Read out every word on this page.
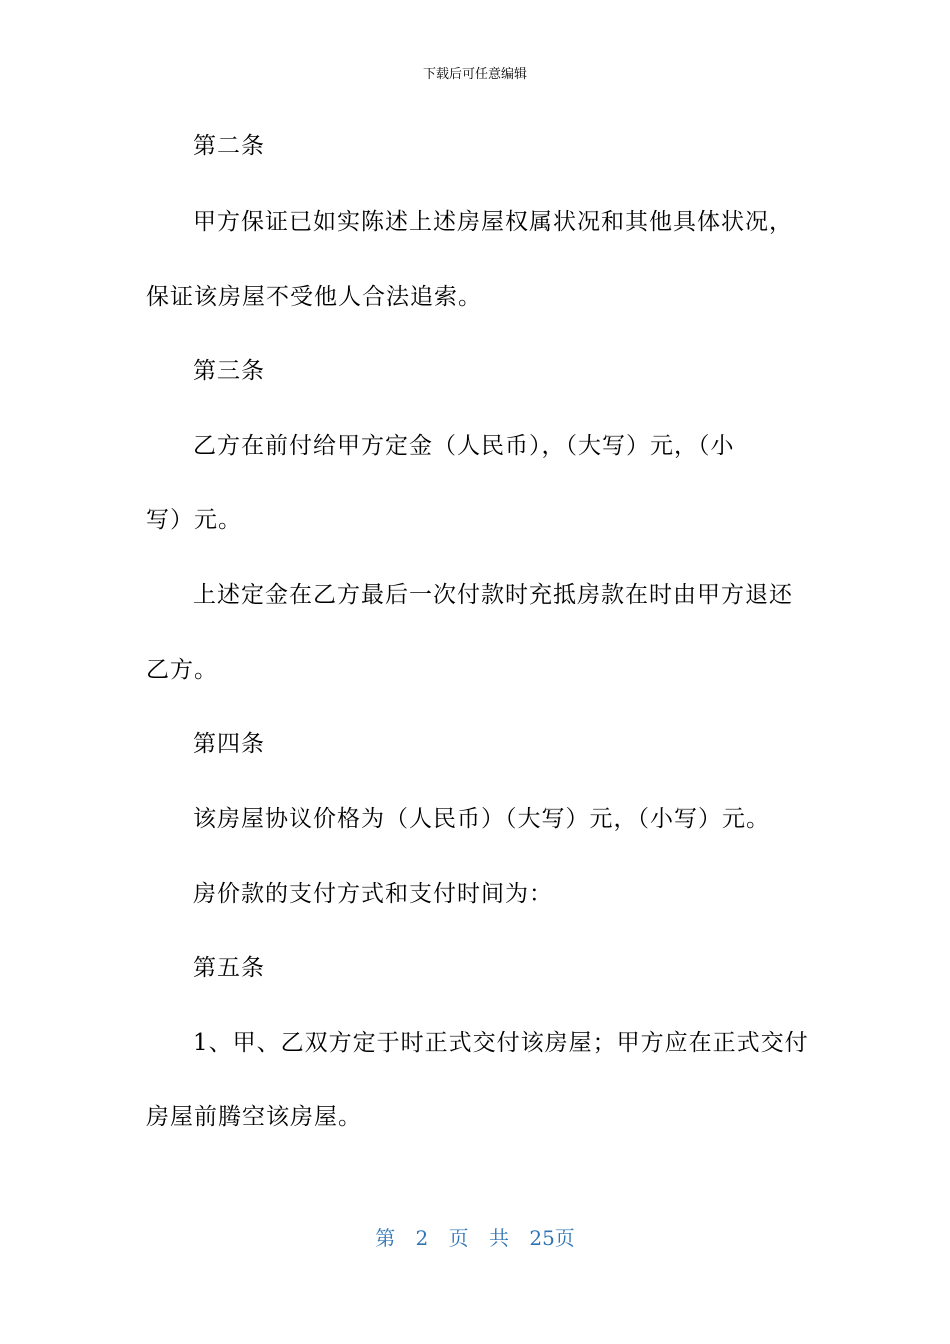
下载后可任意编辑
第二条
甲方保证已如实陈述上述房屋权属状况和其他具体状况，
保证该房屋不受他人合法追索。
第三条
乙方在前付给甲方定金（人民币），（大写）元，（小
写）元。
上述定金在乙方最后一次付款时充抵房款在时由甲方退还
乙方。
第四条
该房屋协议价格为（人民币）（大写）元，（小写）元。
房价款的支付方式和支付时间为：
第五条
1、甲、乙双方定于时正式交付该房屋；甲方应在正式交付
房屋前腾空该房屋。
第 2 页 共 25页
